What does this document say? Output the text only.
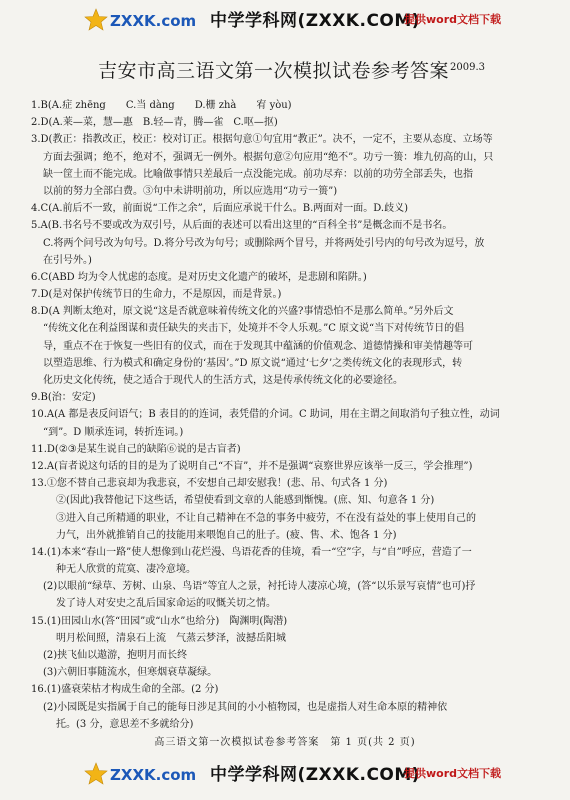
ZXXK.com 中学学科网(ZXXK.COM)
提供word文档下载
吉安市高三语文第一次模拟试卷参考答案 2009.3
1.B(A.症 zhēng　　C.当 dàng　　D.栅 zhà　　宥 yòu)
2.D(A.莱—菜，慧—惠　B.轻—青，腾—雀　C.呕—抠)
3.D(教正：指教改正，校正：校对订正。根据句意①句宜用“教正”。决不，一定不，主要从态度、立场等
方面去强调；绝不，绝对不，强调无一例外。根据句意②句应用“绝不”。功亏一篑：堆九仞高的山，只
缺一筐土而不能完成。比喻做事情只差最后一点没能完成。前功尽弃：以前的功劳全部丢失，也指
以前的努力全部白费。③句中未讲明前功，所以应选用“功亏一篑”)
4.C(A.前后不一致，前面说“工作之余”，后面应承说干什么。B.两面对一面。D.歧义)
5.A(B.书名号不要或改为双引号，从后面的表述可以看出这里的“百科全书”是概念而不是书名。
C.将两个问号改为句号。D.将分号改为句号；或删除两个冒号，并将两处引号内的句号改为逗号，放
在引号外。)
6.C(ABD 均为令人忧虑的态度。是对历史文化遗产的破坏，是悲剧和陷阱。)
7.D(是对保护传统节日的生命力，不是原因，而是背景。)
8.D(A 判断太绝对，原文说“这是否就意味着传统文化的兴盛?事情恐怕不是那么简单。”另外后文
“传统文化在利益图谋和责任缺失的夹击下，处境并不令人乐观。”C 原文说“当下对传统节日的倡
导，重点不在于恢复一些旧有的仪式，而在于发现其中蕴涵的价值观念、道德情操和审美情趣等可
以塑造思维、行为模式和确定身份的‘基因’。”D 原文说“通过‘七夕’之类传统文化的表现形式，转
化历史文化传统，使之适合于现代人的生活方式，这是传承传统文化的必要途径。
9.B(治：安定)
10.A(A 都是表反问语气；B 表目的的连词，表凭借的介词。C 助词，用在主谓之间取消句子独立性，动词
“到”。D 顺承连词，转折连词。)
11.D(②③是某生说自己的缺陷⑥说的是古盲者)
12.A(盲者说这句话的目的是为了说明自己“不盲”，并不是强调“哀察世界应该举一反三，学会推理”)
13.①您不替自己悲哀却为我悲哀，不安想自己却安慰我！(悲、吊、句式各 1 分)
②(因此)我替他记下这些话，希望使看到文章的人能感到惭愧。(庶、知、句意各 1 分)
③进入自己所精通的职业，不让自己精神在不急的事务中疲劳，不在没有益处的事上使用自己的
力气，出外就推销自己的技能用来喂饱自己的肚子。(疲、售、术、饱各 1 分)
14.(1)本来“春山一路”使人想像到山花烂漫、鸟语花香的佳境，看一“空”字，与“自”呼应，营造了一
种无人欣赏的荒寞、凄冷意境。
(2)以眼前“绿草、芳树、山泉、鸟语”等宜人之景，衬托诗人凄凉心境，(答“以乐景写哀情”也可)抒
发了诗人对安史之乱后国家命运的叹慨关切之情。
15.(1)田园山水(答“田园”或“山水”也给分)　陶渊明(陶潜)
明月松间照，清泉石上流　气蒸云梦泽，波撼岳阳城
(2)挟飞仙以遨游，抱明月而长终
(3)六朝旧事随流水，但寒烟衰草凝绿。
16.(1)盛衰荣枯才构成生命的全部。(2 分)
(2)小园既是实指属于自己的能每日涉足其间的小小植物园，也是虚指人对生命本原的精神依
托。(3 分，意思差不多就给分)
高三语文第一次模拟试卷参考答案　第 1 页(共 2 页)
ZXXK.com 中学学科网(ZXXK.COM)
提供word文档下载
